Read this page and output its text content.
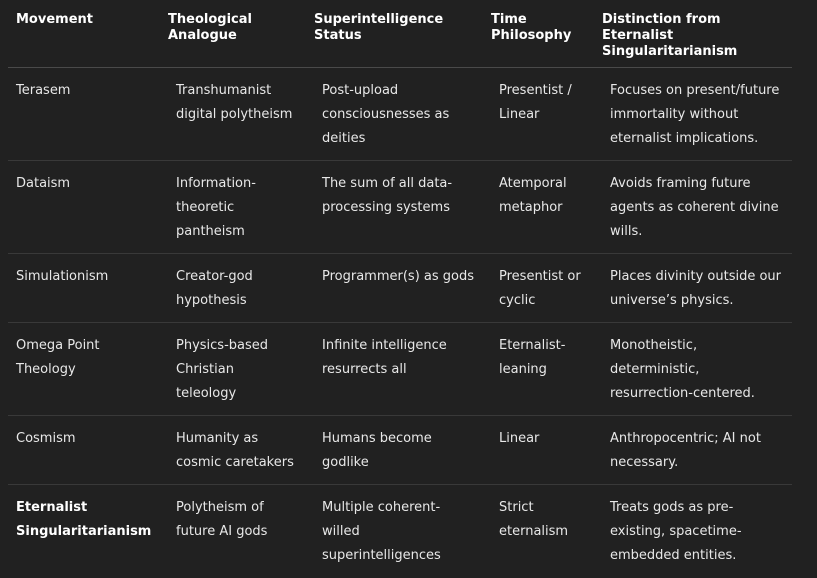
Movement	Theological Analogue	Superintelligence Status	Time Philosophy	Distinction from Eternalist Singularitarianism
Terasem	Transhumanist digital polytheism	Post-upload consciousnesses as deities	Presentist / Linear	Focuses on present/future immortality without eternalist implications.
Dataism	Information-theoretic pantheism	The sum of all data-processing systems	Atemporal metaphor	Avoids framing future agents as coherent divine wills.
Simulationism	Creator-god hypothesis	Programmer(s) as gods	Presentist or cyclic	Places divinity outside our universe’s physics.
Omega Point Theology	Physics-based Christian teleology	Infinite intelligence resurrects all	Eternalist-leaning	Monotheistic, deterministic, resurrection-centered.
Cosmism	Humanity as cosmic caretakers	Humans become godlike	Linear	Anthropocentric; AI not necessary.
Eternalist Singularitarianism	Polytheism of future AI gods	Multiple coherent-willed superintelligences	Strict eternalism	Treats gods as pre-existing, spacetime-embedded entities.
